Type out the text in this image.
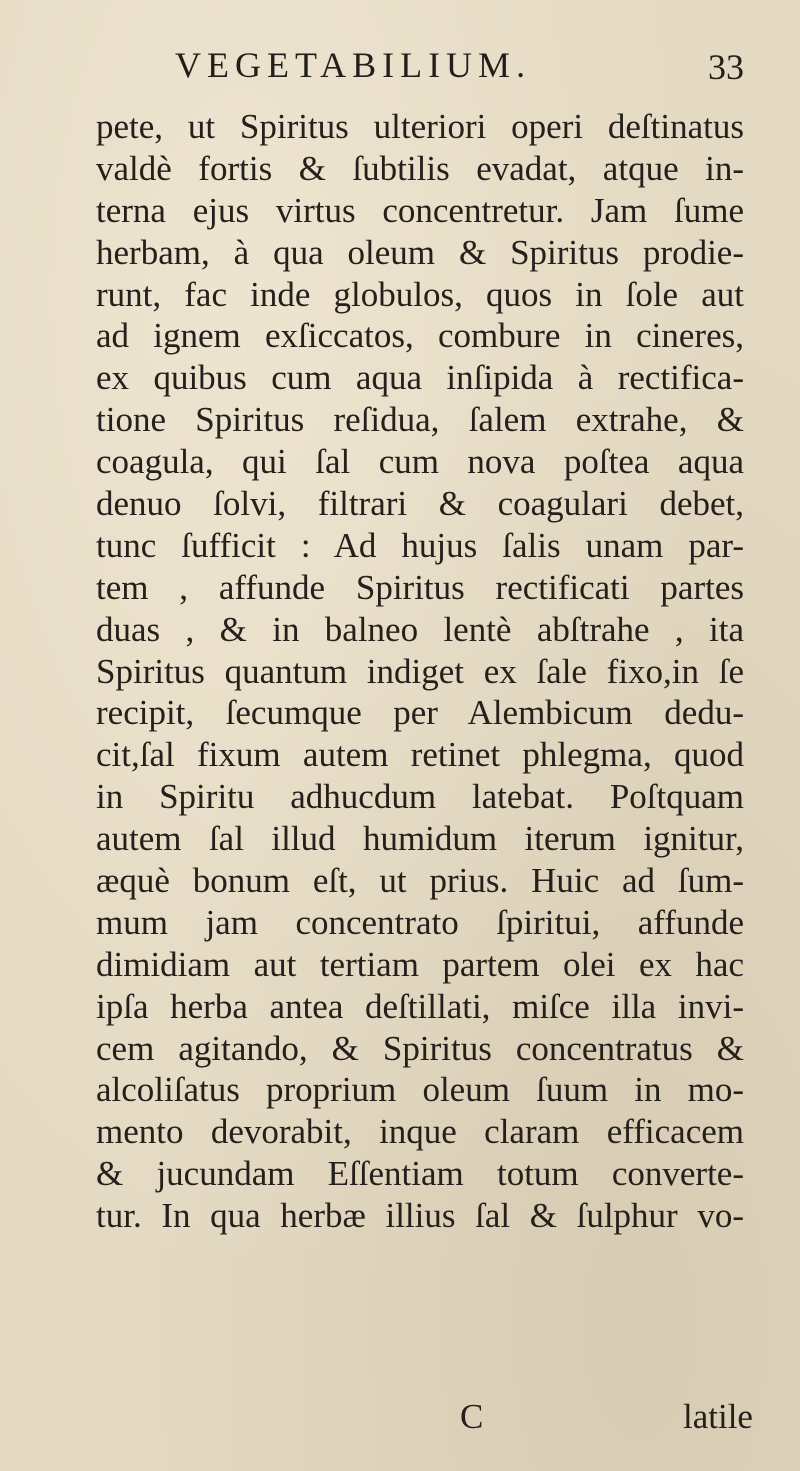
VEGETABILIUM.	33
pete, ut Spiritus ulteriori operi deſtinatus
valdè fortis & ſubtilis evadat, atque in-
terna ejus virtus concentretur. Jam ſume
herbam, à qua oleum & Spiritus prodie-
runt, fac inde globulos, quos in ſole aut
ad ignem exſiccatos, combure in cineres,
ex quibus cum aqua inſipida à rectifica-
tione Spiritus reſidua, ſalem extrahe, &
coagula, qui ſal cum nova poſtea aqua
denuo ſolvi, filtrari & coagulari debet,
tunc ſufficit : Ad hujus ſalis unam par-
tem , affunde Spiritus rectificati partes
duas , & in balneo lentè abſtrahe , ita
Spiritus quantum indiget ex ſale fixo,in ſe
recipit, ſecumque per Alembicum dedu-
cit,ſal fixum autem retinet phlegma, quod
in Spiritu adhucdum latebat. Poſtquam
autem ſal illud humidum iterum ignitur,
æquè bonum eſt, ut prius. Huic ad ſum-
mum jam concentrato ſpiritui, affunde
dimidiam aut tertiam partem olei ex hac
ipſa herba antea deſtillati, miſce illa invi-
cem agitando, & Spiritus concentratus &
alcoliſatus proprium oleum ſuum in mo-
mento devorabit, inque claram efficacem
& jucundam Eſſentiam totum converte-
tur. In qua herbæ illius ſal & ſulphur vo-
C	latile
